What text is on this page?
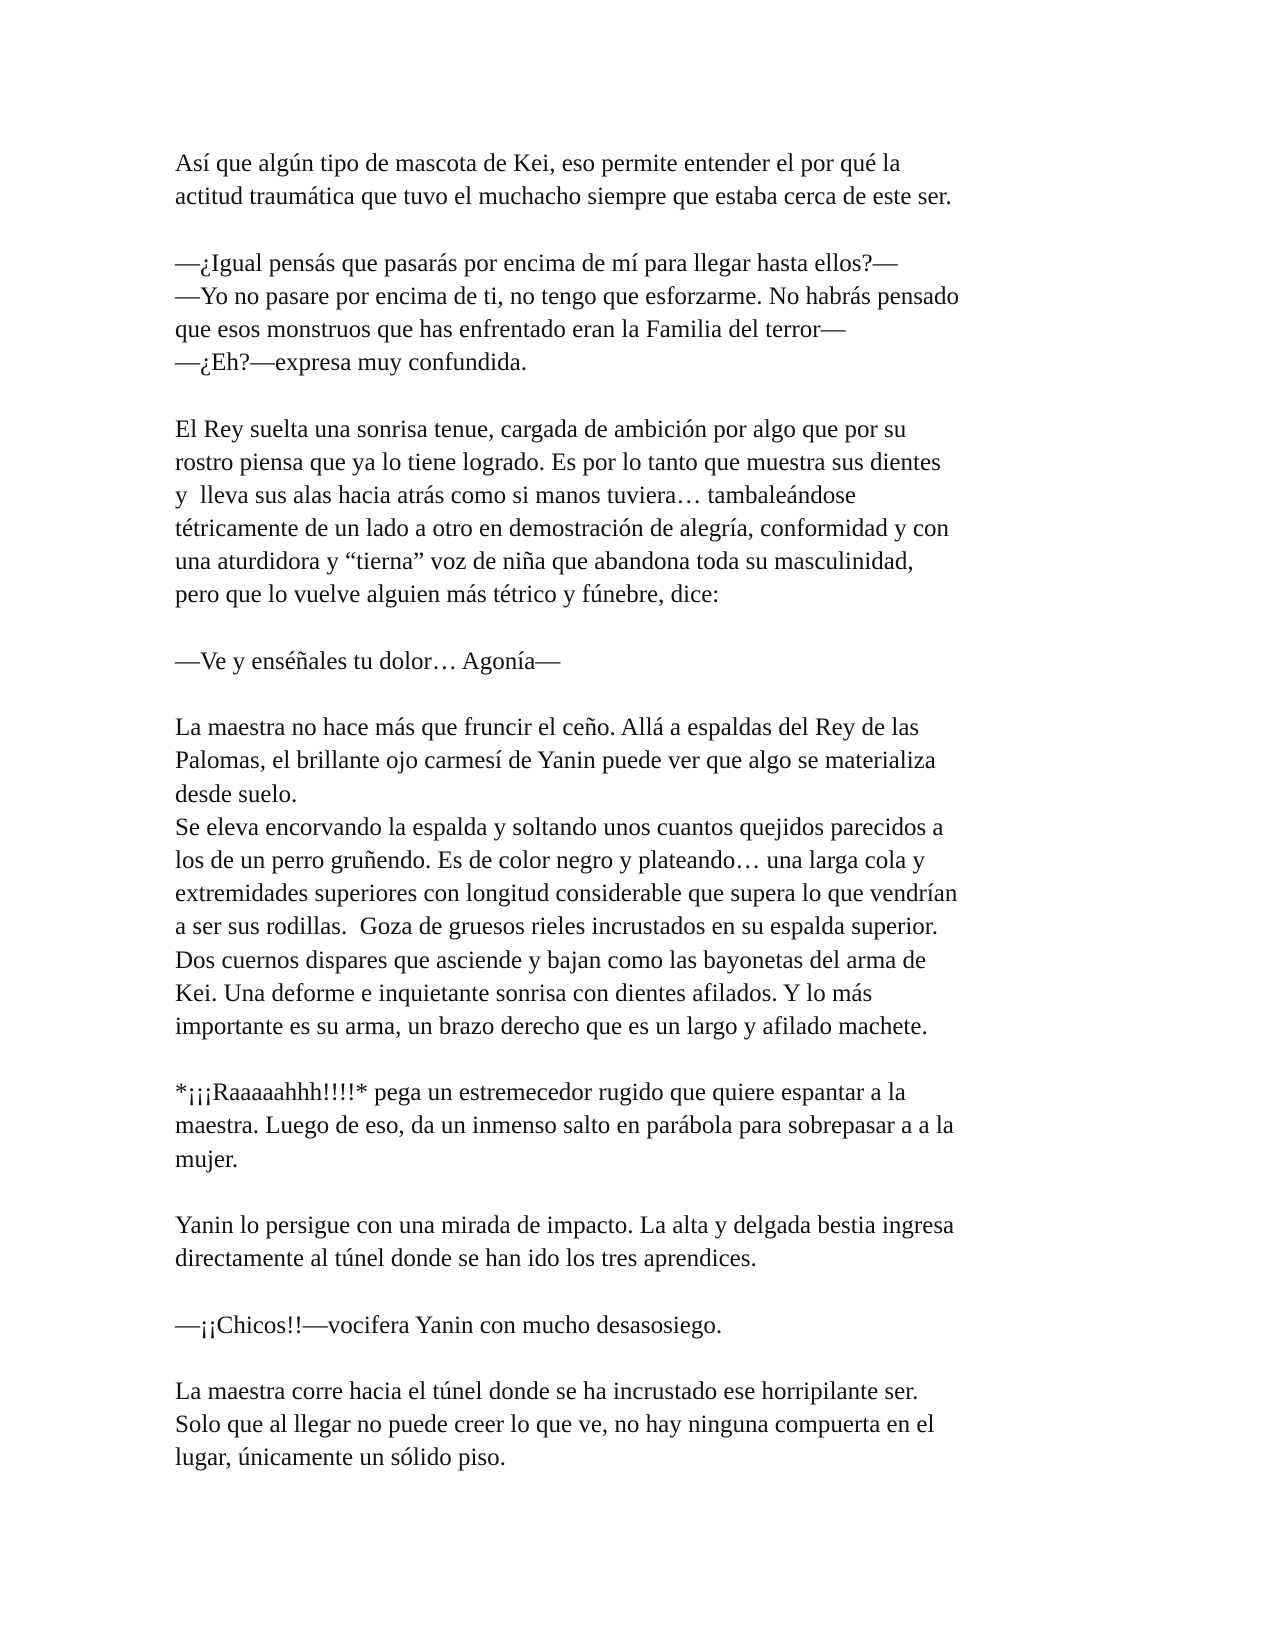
Así que algún tipo de mascota de Kei, eso permite entender el por qué la
actitud traumática que tuvo el muchacho siempre que estaba cerca de este ser.
—¿Igual pensás que pasarás por encima de mí para llegar hasta ellos?—
—Yo no pasare por encima de ti, no tengo que esforzarme. No habrás pensado
que esos monstruos que has enfrentado eran la Familia del terror—
—¿Eh?—expresa muy confundida.
El Rey suelta una sonrisa tenue, cargada de ambición por algo que por su
rostro piensa que ya lo tiene logrado. Es por lo tanto que muestra sus dientes
y  lleva sus alas hacia atrás como si manos tuviera… tambaleándose
tétricamente de un lado a otro en demostración de alegría, conformidad y con
una aturdidora y “tierna” voz de niña que abandona toda su masculinidad,
pero que lo vuelve alguien más tétrico y fúnebre, dice:
—Ve y enséñales tu dolor… Agonía—
La maestra no hace más que fruncir el ceño. Allá a espaldas del Rey de las
Palomas, el brillante ojo carmesí de Yanin puede ver que algo se materializa
desde suelo.
Se eleva encorvando la espalda y soltando unos cuantos quejidos parecidos a
los de un perro gruñendo. Es de color negro y plateando… una larga cola y
extremidades superiores con longitud considerable que supera lo que vendrían
a ser sus rodillas.  Goza de gruesos rieles incrustados en su espalda superior.
Dos cuernos dispares que asciende y bajan como las bayonetas del arma de
Kei. Una deforme e inquietante sonrisa con dientes afilados. Y lo más
importante es su arma, un brazo derecho que es un largo y afilado machete.
*¡¡¡Raaaaahhh!!!!* pega un estremecedor rugido que quiere espantar a la
maestra. Luego de eso, da un inmenso salto en parábola para sobrepasar a a la
mujer.
Yanin lo persigue con una mirada de impacto. La alta y delgada bestia ingresa
directamente al túnel donde se han ido los tres aprendices.
—¡¡Chicos!!—vocifera Yanin con mucho desasosiego.
La maestra corre hacia el túnel donde se ha incrustado ese horripilante ser.
Solo que al llegar no puede creer lo que ve, no hay ninguna compuerta en el
lugar, únicamente un sólido piso.
